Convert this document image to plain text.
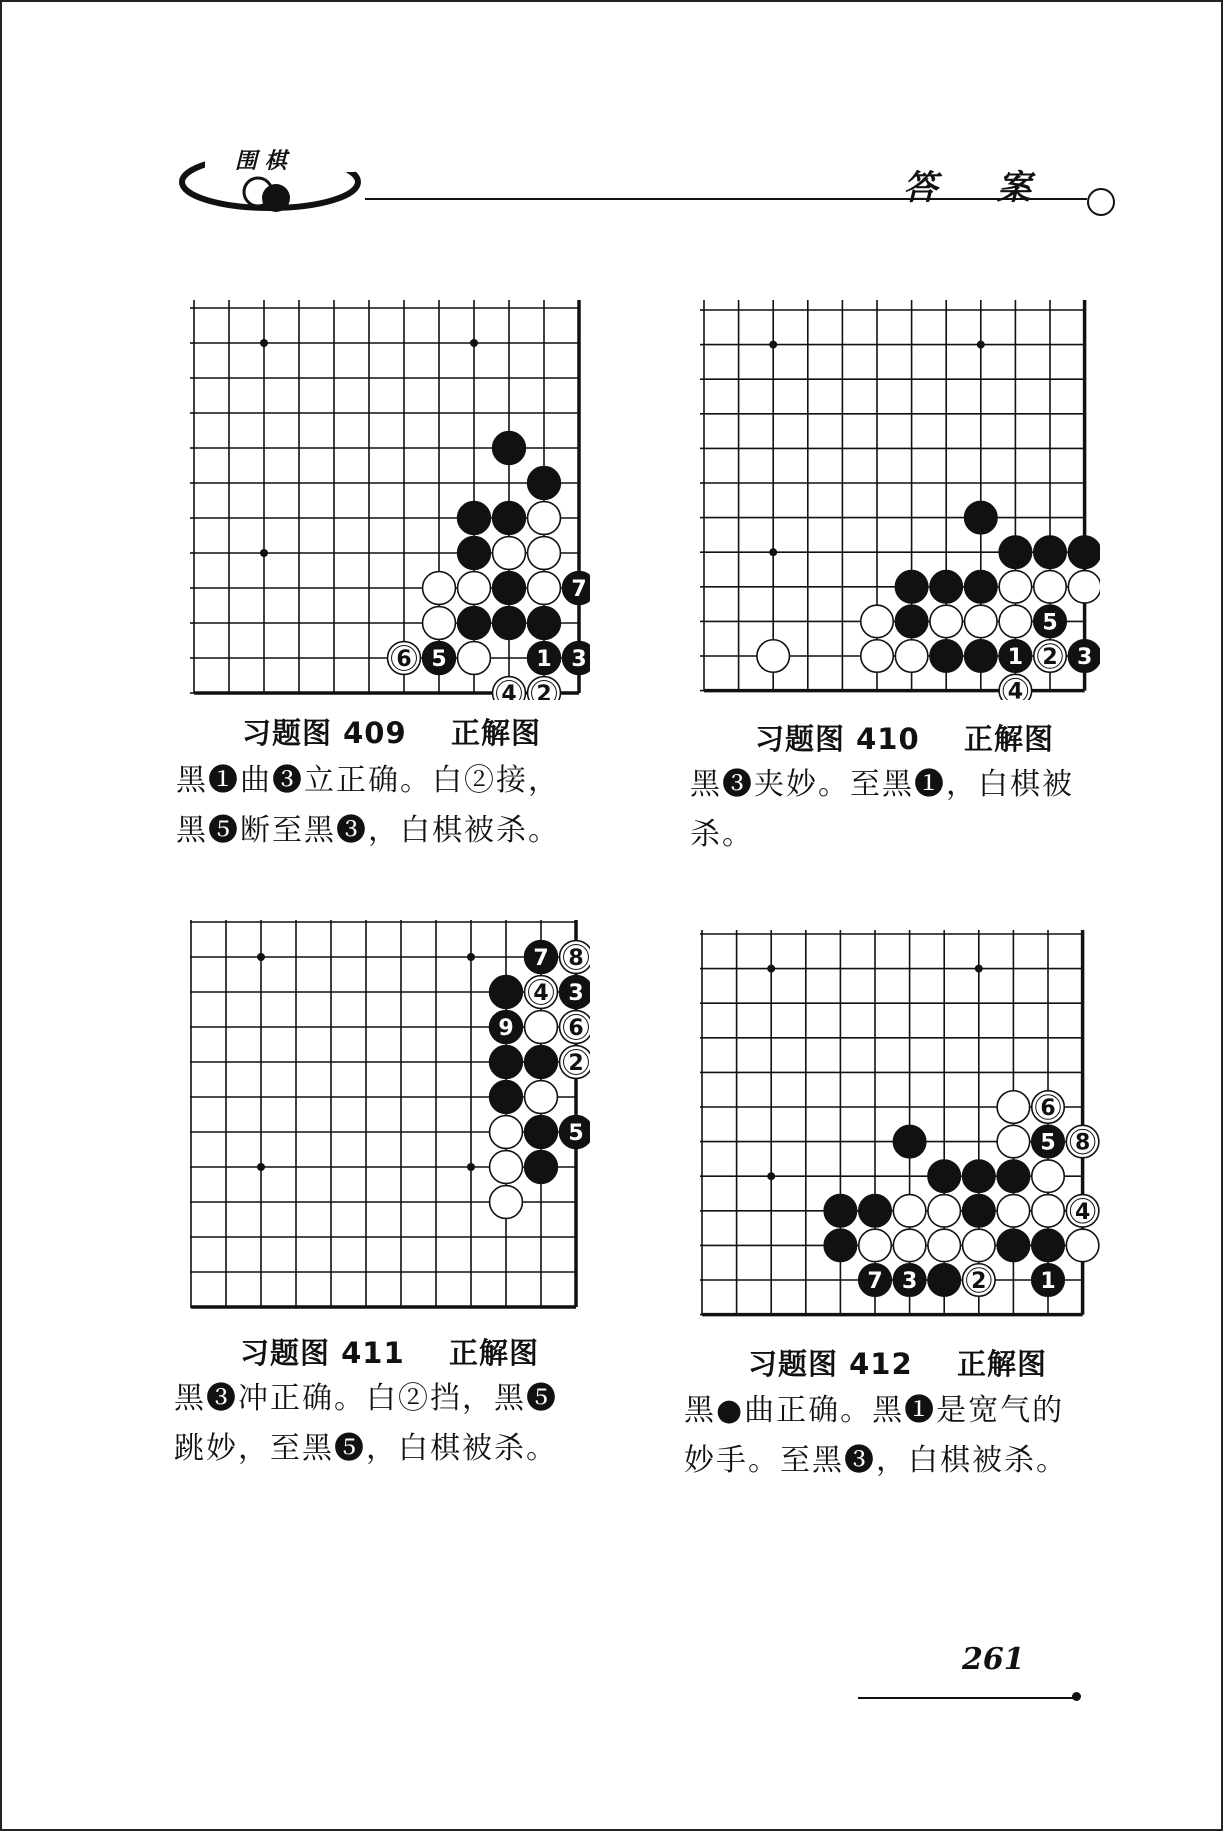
围 棋
答 案
7
6 5	1 3
4 2
习题图 409    正解图
黑❶曲❸立正确。白②接，
黑❺断至黑❸，白棋被杀。
5
1 2 3
4
习题图 410    正解图
黑❸夹妙。至黑❶，白棋被
杀。
7 8
4 3
9 6
2
5
习题图 411    正解图
黑❸冲正确。白②挡，黑❺
跳妙，至黑❺，白棋被杀。
6
5 8
4
7 3 2 1
习题图 412    正解图
黑●曲正确。黑❶是宽气的
妙手。至黑❸，白棋被杀。
261
